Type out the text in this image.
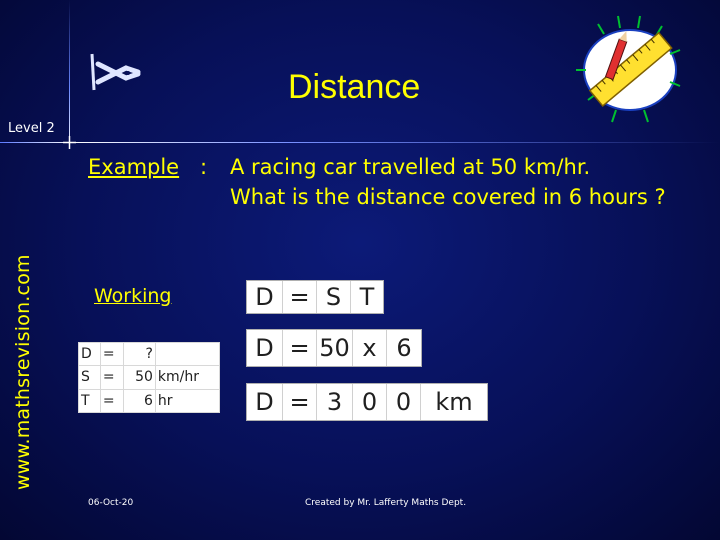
Distance
Level 2
www.mathsrevision.com
Example : A racing car travelled at 50 km/hr.
What is the distance covered in 6 hours ?
Working
D	=	?	
S	=	50	km/hr
T	=	6	hr
D = S T
D = 50 x 6
D = 3 0 0	km
06-Oct-20	Created by Mr. Lafferty Maths Dept.
